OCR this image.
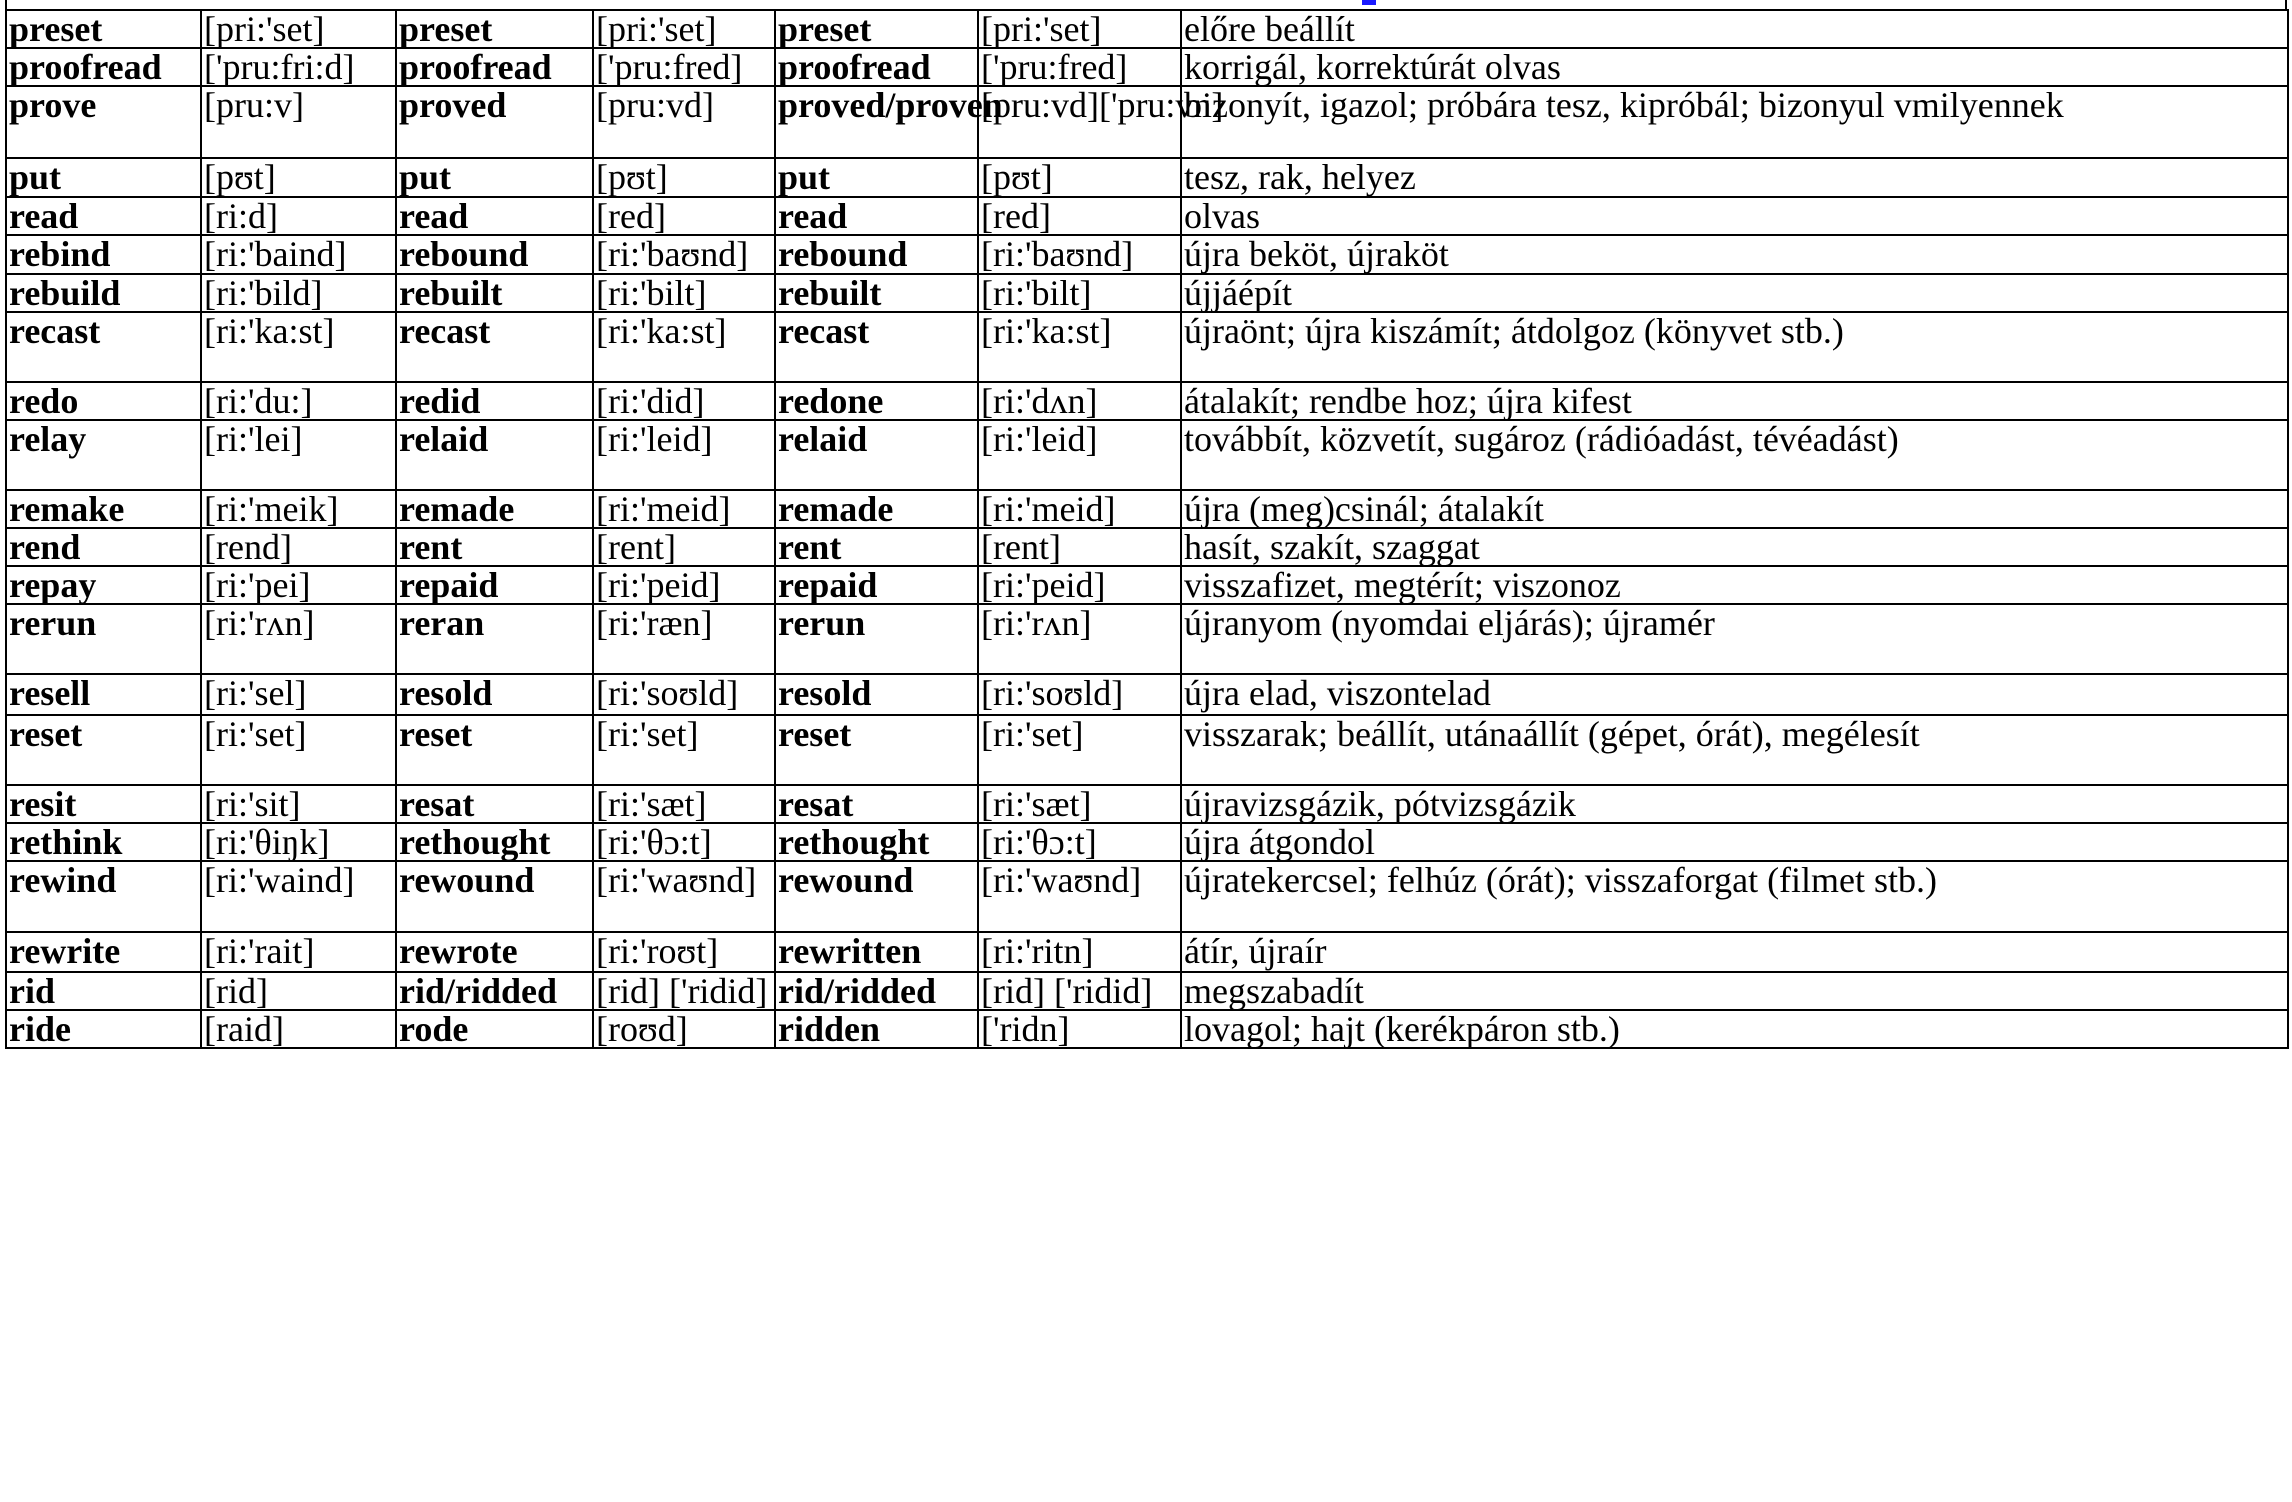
preset	[pri:'set]	preset	[pri:'set]	preset	[pri:'set]	előre beállít
proofread	['pru:fri:d]	proofread	['pru:fred]	proofread	['pru:fred]	korrigál, korrektúrát olvas
prove	[pru:v]	proved	[pru:vd]	proved/proven	[pru:vd]['pru:vn]	bizonyít, igazol; próbára tesz, kipróbál; bizonyul vmilyennek
put	[pʊt]	put	[pʊt]	put	[pʊt]	tesz, rak, helyez
read	[ri:d]	read	[red]	read	[red]	olvas
rebind	[ri:'baind]	rebound	[ri:'baʊnd]	rebound	[ri:'baʊnd]	újra beköt, újraköt
rebuild	[ri:'bild]	rebuilt	[ri:'bilt]	rebuilt	[ri:'bilt]	újjáépít
recast	[ri:'ka:st]	recast	[ri:'ka:st]	recast	[ri:'ka:st]	újraönt; újra kiszámít; átdolgoz (könyvet stb.)
redo	[ri:'du:]	redid	[ri:'did]	redone	[ri:'dʌn]	átalakít; rendbe hoz; újra kifest
relay	[ri:'lei]	relaid	[ri:'leid]	relaid	[ri:'leid]	továbbít, közvetít, sugároz (rádióadást, tévéadást)
remake	[ri:'meik]	remade	[ri:'meid]	remade	[ri:'meid]	újra (meg)csinál; átalakít
rend	[rend]	rent	[rent]	rent	[rent]	hasít, szakít, szaggat
repay	[ri:'pei]	repaid	[ri:'peid]	repaid	[ri:'peid]	visszafizet, megtérít; viszonoz
rerun	[ri:'rʌn]	reran	[ri:'ræn]	rerun	[ri:'rʌn]	újranyom (nyomdai eljárás); újramér
resell	[ri:'sel]	resold	[ri:'soʊld]	resold	[ri:'soʊld]	újra elad, viszontelad
reset	[ri:'set]	reset	[ri:'set]	reset	[ri:'set]	visszarak; beállít, utánaállít (gépet, órát), megélesít
resit	[ri:'sit]	resat	[ri:'sæt]	resat	[ri:'sæt]	újravizsgázik, pótvizsgázik
rethink	[ri:'θiŋk]	rethought	[ri:'θɔ:t]	rethought	[ri:'θɔ:t]	újra átgondol
rewind	[ri:'waind]	rewound	[ri:'waʊnd]	rewound	[ri:'waʊnd]	újratekercsel; felhúz (órát); visszaforgat (filmet stb.)
rewrite	[ri:'rait]	rewrote	[ri:'roʊt]	rewritten	[ri:'ritn]	átír, újraír
rid	[rid]	rid/ridded	[rid] ['ridid]	rid/ridded	[rid] ['ridid]	megszabadít
ride	[raid]	rode	[roʊd]	ridden	['ridn]	lovagol; hajt (kerékpáron stb.)
